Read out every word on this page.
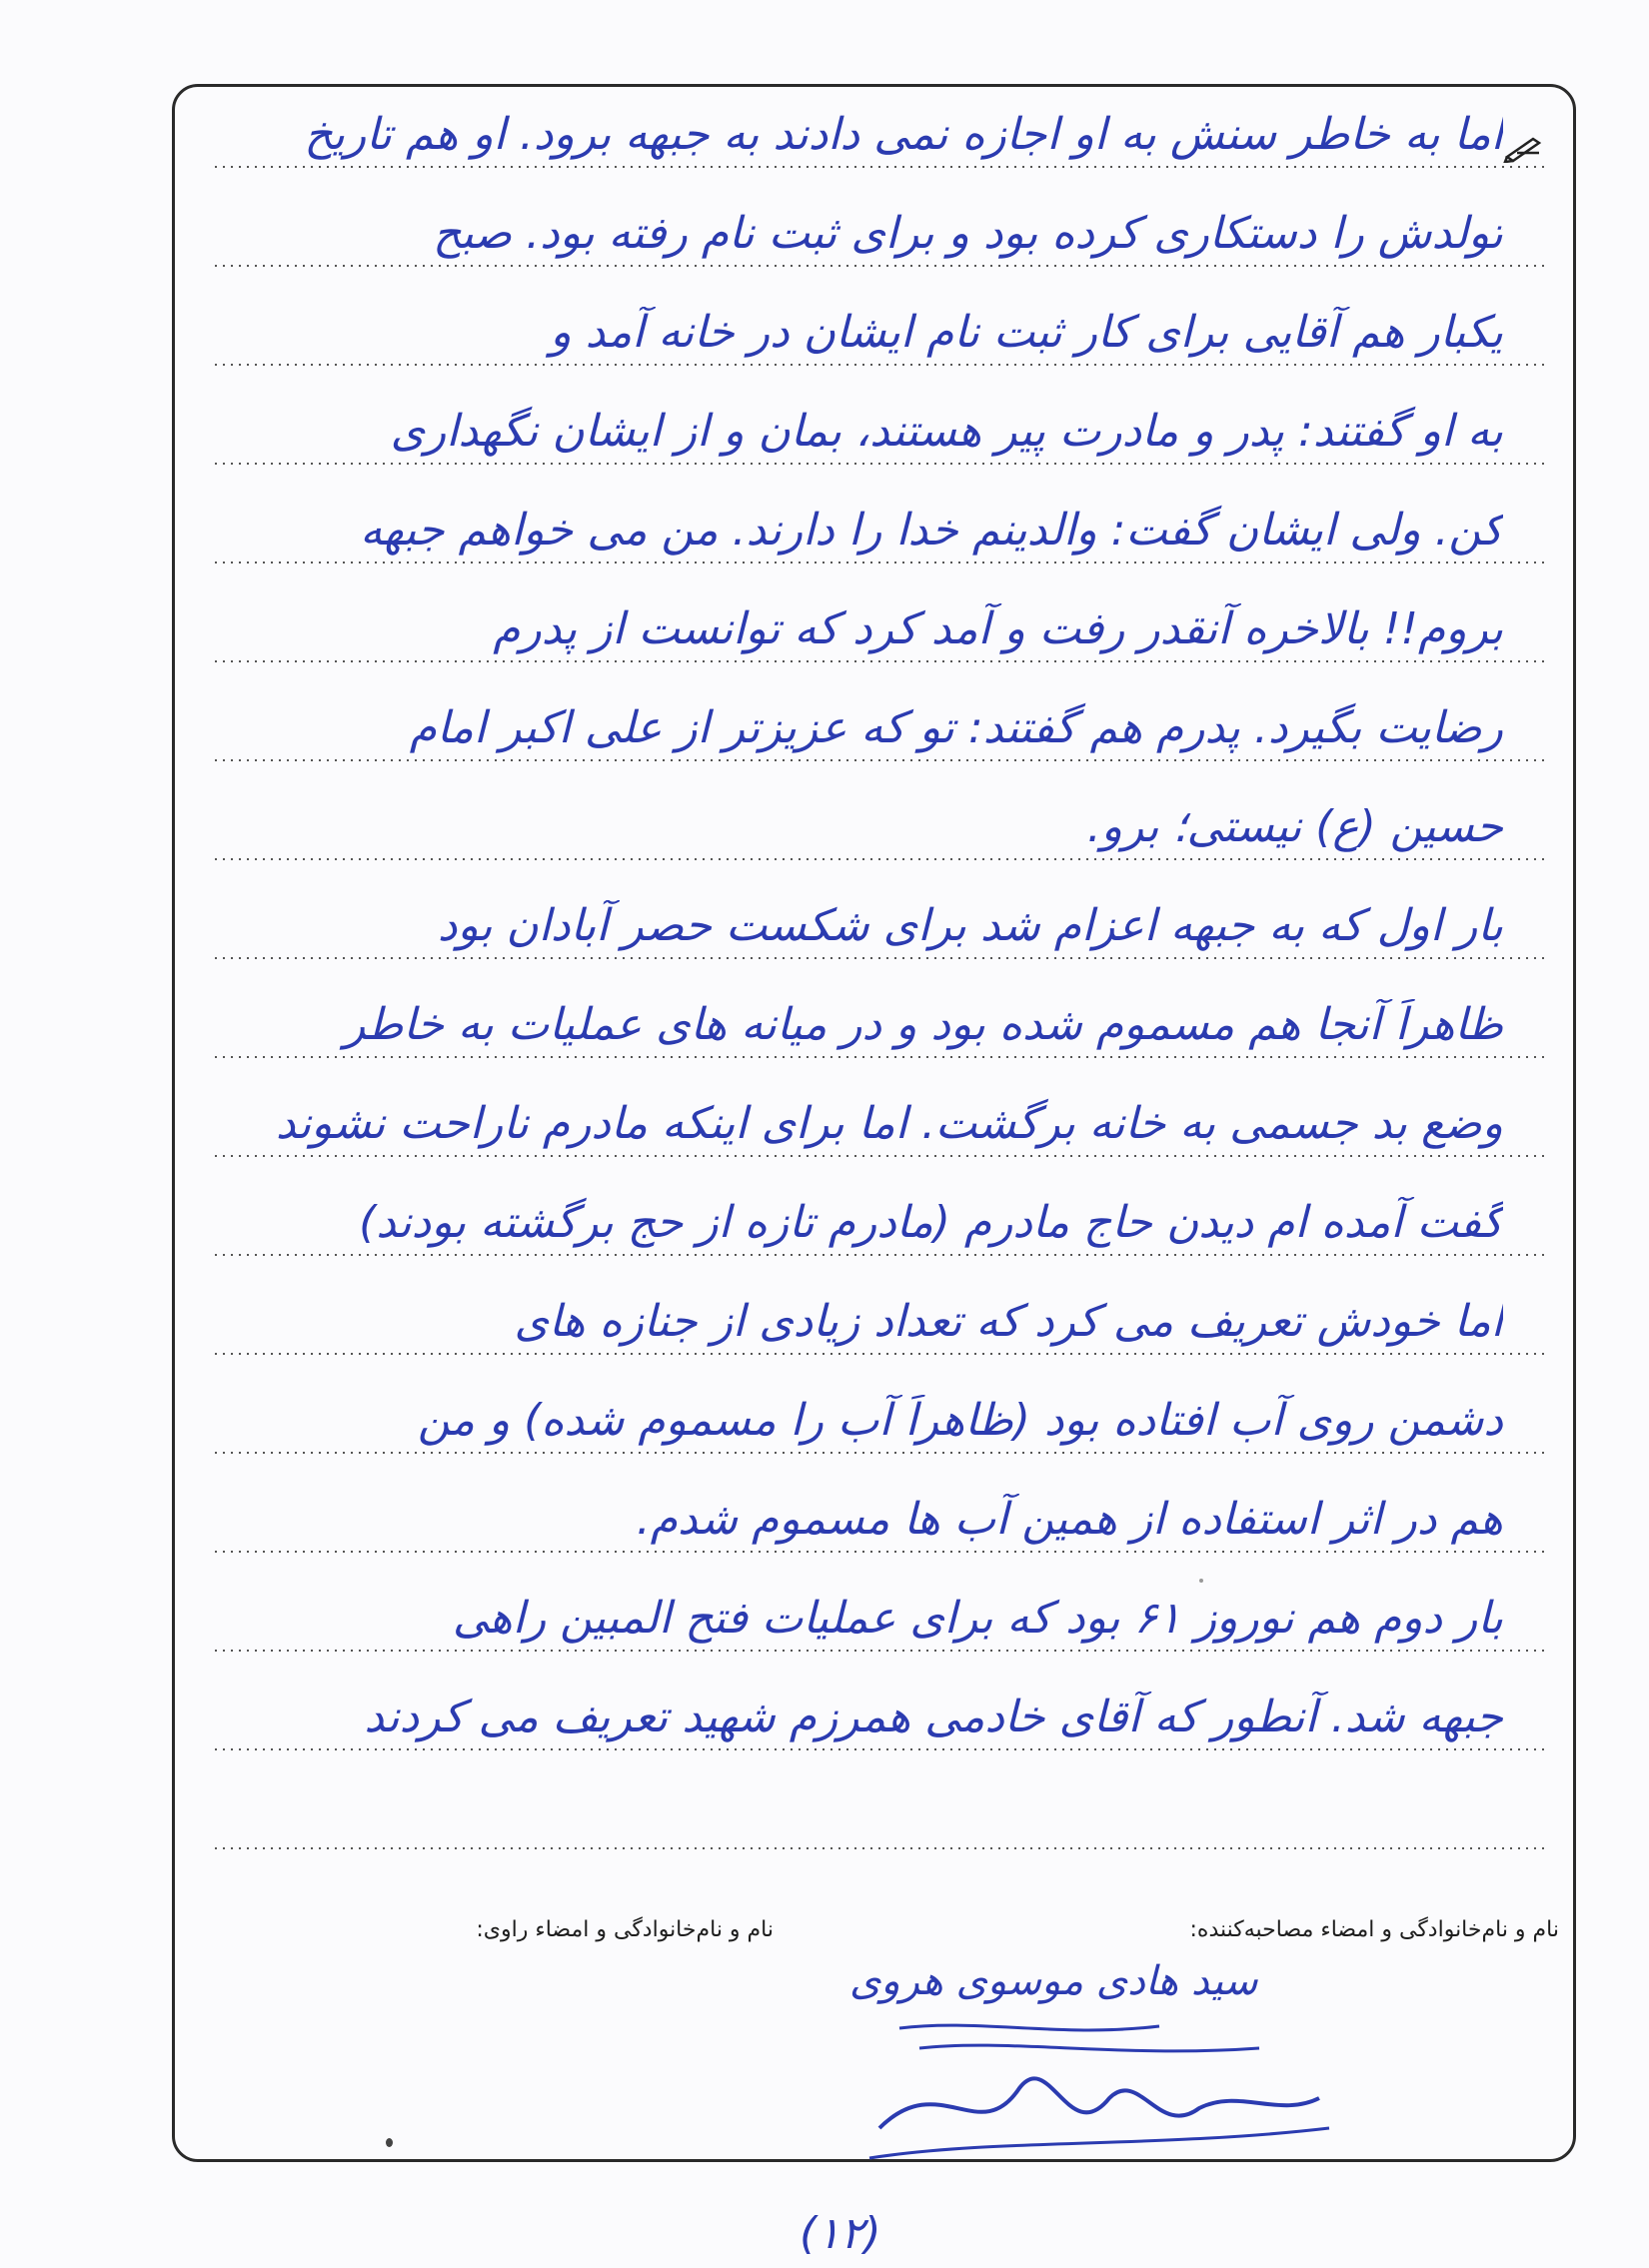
اما به خاطر سنش به او اجازه نمی دادند به جبهه برود. او هم تاریخ
تولدش را دستکاری کرده بود و برای ثبت نام رفته بود. صبح
یکبار هم آقایی برای کار ثبت نام ایشان در خانه آمد و
به او گفتند: پدر و مادرت پیر هستند، بمان و از ایشان نگهداری
کن. ولی ایشان گفت: والدینم خدا را دارند. من می خواهم جبهه
بروم!! بالاخره آنقدر رفت و آمد کرد که توانست از پدرم
رضایت بگیرد. پدرم هم گفتند: تو که عزیزتر از علی اکبر امام
حسین (ع) نیستی؛ برو.
بار اول که به جبهه اعزام شد برای شکست حصر آبادان بود
ظاهراً آنجا هم مسموم شده بود و در میانه های عملیات به خاطر
وضع بد جسمی به خانه برگشت. اما برای اینکه مادرم ناراحت نشوند
گفت آمده ام دیدن حاج مادرم (مادرم تازه از حج برگشته بودند)
اما خودش تعریف می کرد که تعداد زیادی از جنازه های
دشمن روی آب افتاده بود (ظاهراً آب را مسموم شده) و من
هم در اثر استفاده از همین آب ها مسموم شدم.
بار دوم هم نوروز ۶۱ بود که برای عملیات فتح المبین راهی
جبهه شد. آنطور که آقای خادمی همرزم شهید تعریف می کردند
نام و نام‌خانوادگی و امضاء مصاحبه‌کننده:
نام و نام‌خانوادگی و امضاء راوی:
سید هادی موسوی هروی
(۱۲)
